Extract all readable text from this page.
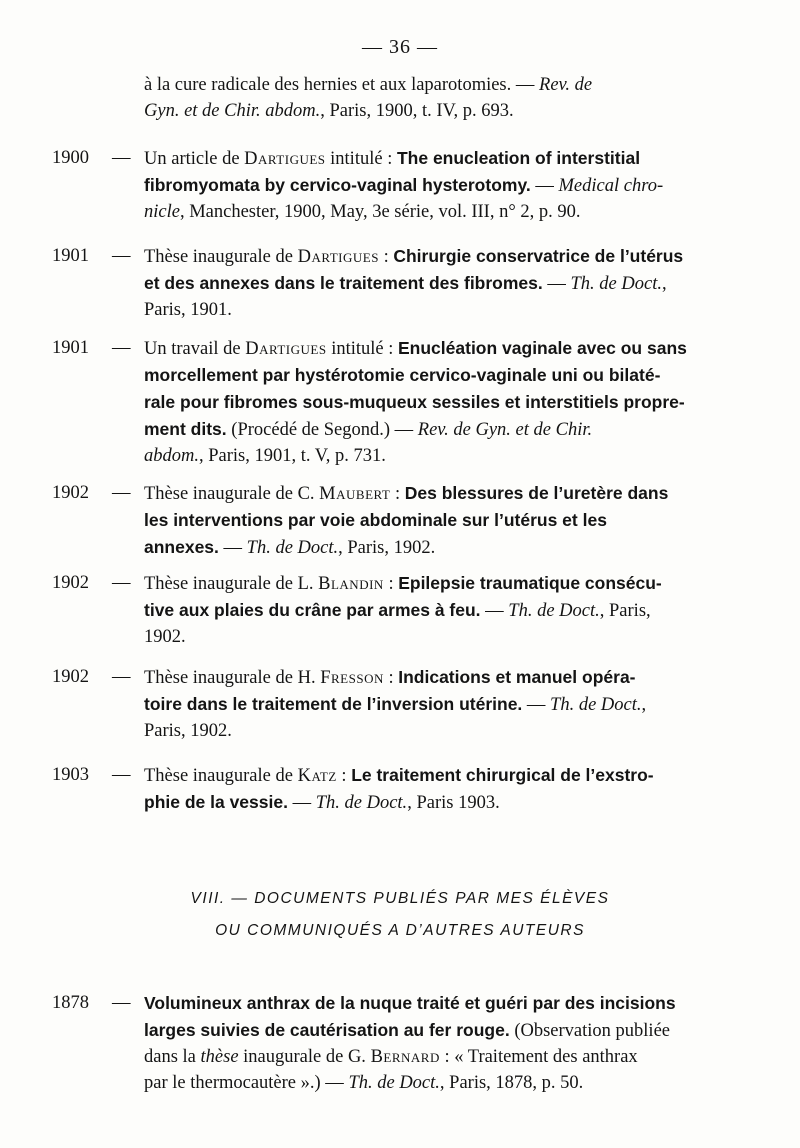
— 36 —
à la cure radicale des hernies et aux laparotomies. — Rev. de
Gyn. et de Chir. abdom., Paris, 1900, t. IV, p. 693.
1900 — Un article de Dartigues intitulé : The enucleation of interstitial
fibromyomata by cervico-vaginal hysterotomy. — Medical chro-
nicle, Manchester, 1900, May, 3e série, vol. III, n° 2, p. 90.
1901 — Thèse inaugurale de Dartigues : Chirurgie conservatrice de l’utérus
et des annexes dans le traitement des fibromes. — Th. de Doct.,
Paris, 1901.
1901 — Un travail de Dartigues intitulé : Enucléation vaginale avec ou sans
morcellement par hystérotomie cervico-vaginale uni ou bilaté-
rale pour fibromes sous-muqueux sessiles et interstitiels propre-
ment dits. (Procédé de Segond.) — Rev. de Gyn. et de Chir.
abdom., Paris, 1901, t. V, p. 731.
1902 — Thèse inaugurale de C. Maubert : Des blessures de l’uretère dans
les interventions par voie abdominale sur l’utérus et les
annexes. — Th. de Doct., Paris, 1902.
1902 — Thèse inaugurale de L. Blandin : Epilepsie traumatique consécu-
tive aux plaies du crâne par armes à feu. — Th. de Doct., Paris,
1902.
1902 — Thèse inaugurale de H. Fresson : Indications et manuel opéra-
toire dans le traitement de l’inversion utérine. — Th. de Doct.,
Paris, 1902.
1903 — Thèse inaugurale de Katz : Le traitement chirurgical de l’exstro-
phie de la vessie. — Th. de Doct., Paris 1903.
VIII. — DOCUMENTS PUBLIÉS PAR MES ÉLÈVES
OU COMMUNIQUÉS A D’AUTRES AUTEURS
1878 — Volumineux anthrax de la nuque traité et guéri par des incisions
larges suivies de cautérisation au fer rouge. (Observation publiée
dans la thèse inaugurale de G. Bernard : « Traitement des anthrax
par le thermocautère ».) — Th. de Doct., Paris, 1878, p. 50.
